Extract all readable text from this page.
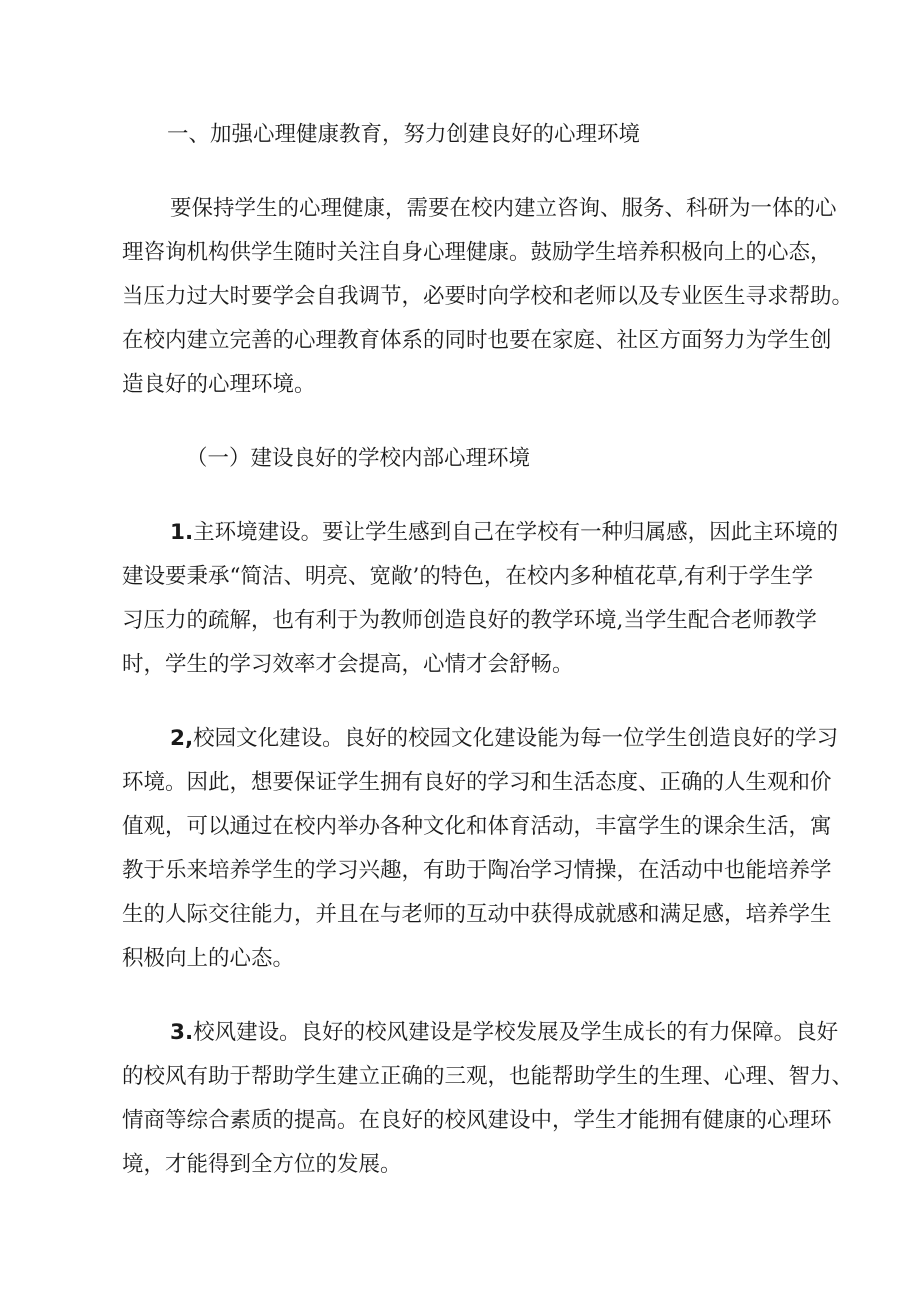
一、加强心理健康教育，努力创建良好的心理环境

要保持学生的心理健康，需要在校内建立咨询、服务、科研为一体的心

理咨询机构供学生随时关注自身心理健康。鼓励学生培养积极向上的心态，

当压力过大时要学会自我调节，必要时向学校和老师以及专业医生寻求帮助。

在校内建立完善的心理教育体系的同时也要在家庭、社区方面努力为学生创

造良好的心理环境。

（一）建设良好的学校内部心理环境

1.主环境建设。要让学生感到自己在学校有一种归属感，因此主环境的

建设要秉承“简洁、明亮、宽敞’的特色，在校内多种植花草,有利于学生学

习压力的疏解，也有利于为教师创造良好的教学环境,当学生配合老师教学

时，学生的学习效率才会提高，心情才会舒畅。

2,校园文化建设。良好的校园文化建设能为每一位学生创造良好的学习

环境。因此，想要保证学生拥有良好的学习和生活态度、正确的人生观和价

值观，可以通过在校内举办各种文化和体育活动，丰富学生的课余生活，寓

教于乐来培养学生的学习兴趣，有助于陶冶学习情操，在活动中也能培养学

生的人际交往能力，并且在与老师的互动中获得成就感和满足感，培养学生

积极向上的心态。

3.校风建设。良好的校风建设是学校发展及学生成长的有力保障。良好

的校风有助于帮助学生建立正确的三观，也能帮助学生的生理、心理、智力、

情商等综合素质的提高。在良好的校风建设中，学生才能拥有健康的心理环

境，才能得到全方位的发展。
